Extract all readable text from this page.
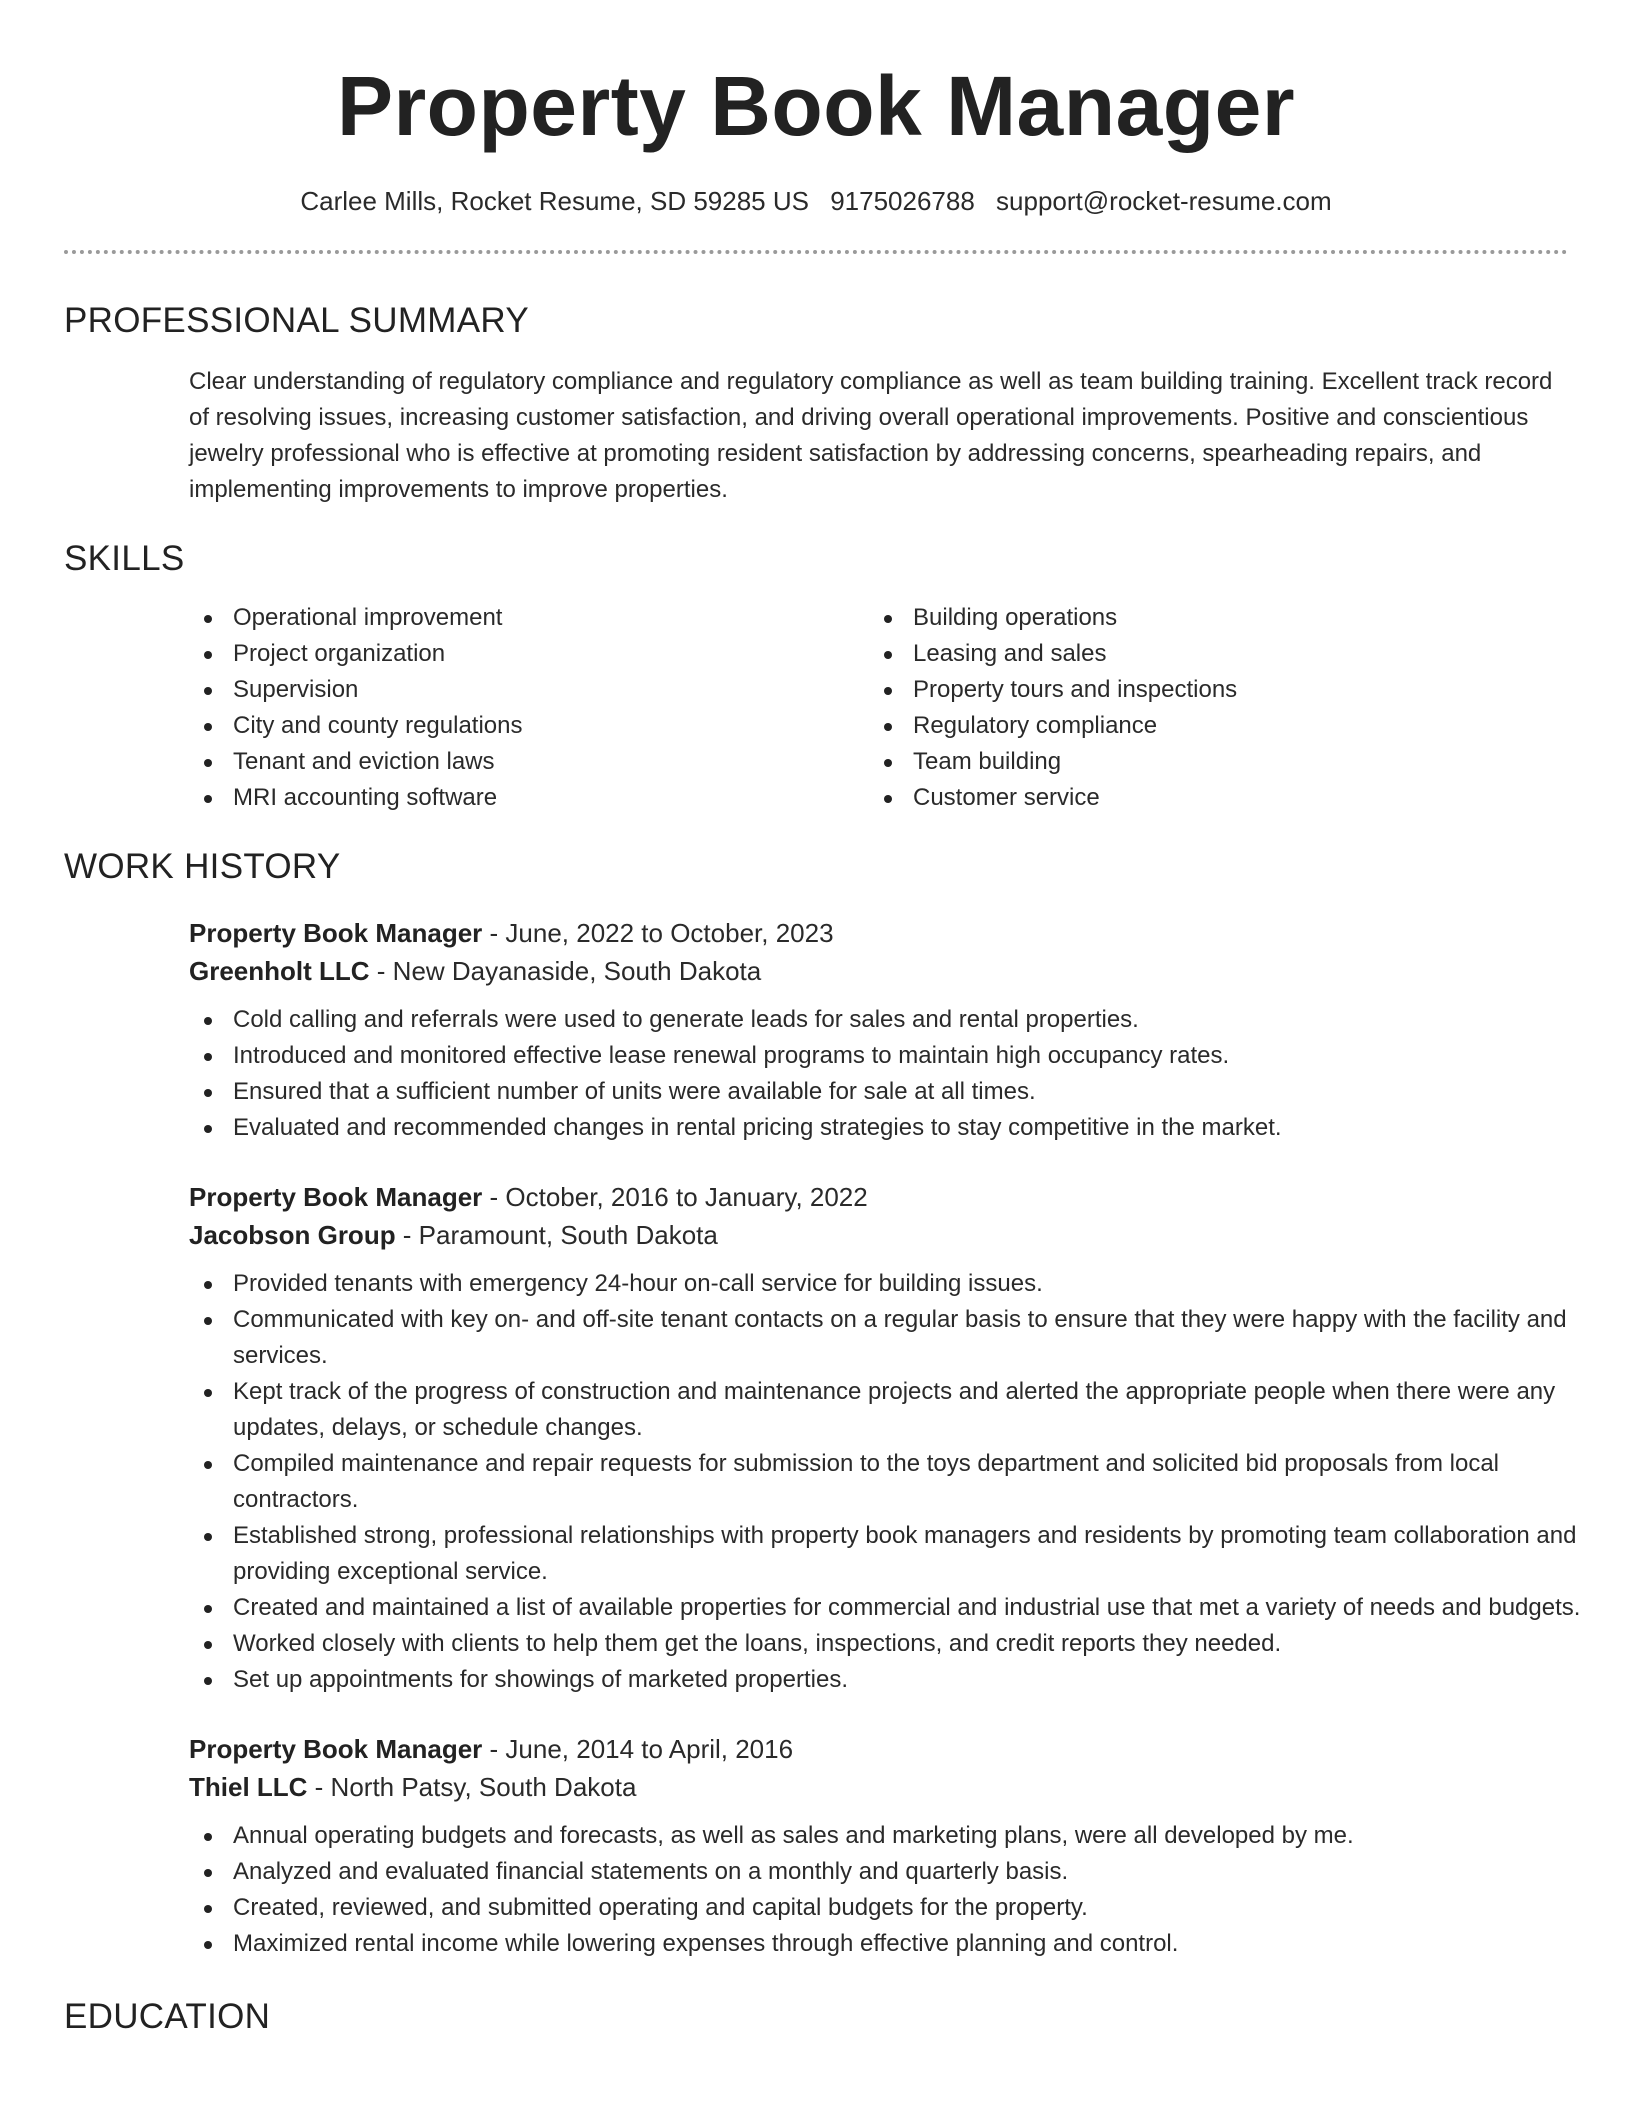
Property Book Manager
Carlee Mills, Rocket Resume, SD 59285 US 9175026788 support@rocket-resume.com
PROFESSIONAL SUMMARY

Clear understanding of regulatory compliance and regulatory compliance as well as team building training. Excellent track record of resolving issues, increasing customer satisfaction, and driving overall operational improvements. Positive and conscientious jewelry professional who is effective at promoting resident satisfaction by addressing concerns, spearheading repairs, and implementing improvements to improve properties.

SKILLS
Operational improvement
Project organization
Supervision
City and county regulations
Tenant and eviction laws
MRI accounting software
Building operations
Leasing and sales
Property tours and inspections
Regulatory compliance
Team building
Customer service
WORK HISTORY
Property Book Manager - June, 2022 to October, 2023
Greenholt LLC - New Dayanaside, South Dakota
Cold calling and referrals were used to generate leads for sales and rental properties.
Introduced and monitored effective lease renewal programs to maintain high occupancy rates.
Ensured that a sufficient number of units were available for sale at all times.
Evaluated and recommended changes in rental pricing strategies to stay competitive in the market.
Property Book Manager - October, 2016 to January, 2022
Jacobson Group - Paramount, South Dakota
Provided tenants with emergency 24-hour on-call service for building issues.
Communicated with key on- and off-site tenant contacts on a regular basis to ensure that they were happy with the facility and services.
Kept track of the progress of construction and maintenance projects and alerted the appropriate people when there were any updates, delays, or schedule changes.
Compiled maintenance and repair requests for submission to the toys department and solicited bid proposals from local contractors.
Established strong, professional relationships with property book managers and residents by promoting team collaboration and providing exceptional service.
Created and maintained a list of available properties for commercial and industrial use that met a variety of needs and budgets.
Worked closely with clients to help them get the loans, inspections, and credit reports they needed.
Set up appointments for showings of marketed properties.
Property Book Manager - June, 2014 to April, 2016
Thiel LLC - North Patsy, South Dakota
Annual operating budgets and forecasts, as well as sales and marketing plans, were all developed by me.
Analyzed and evaluated financial statements on a monthly and quarterly basis.
Created, reviewed, and submitted operating and capital budgets for the property.
Maximized rental income while lowering expenses through effective planning and control.
EDUCATION
